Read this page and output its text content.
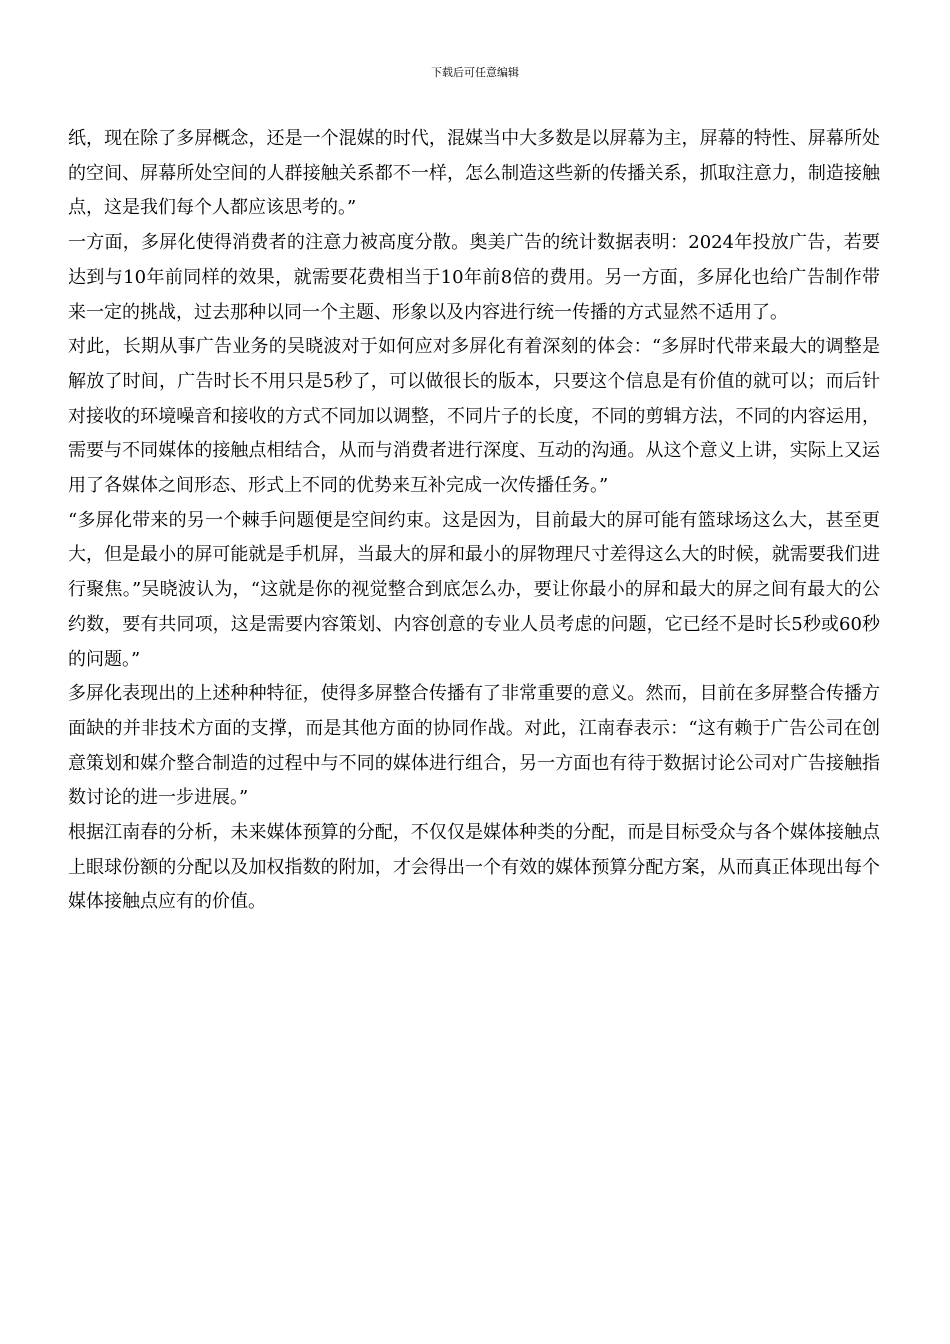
下载后可任意编辑

纸，现在除了多屏概念，还是一个混媒的时代，混媒当中大多数是以屏幕为主，屏幕的特性、屏幕所处的空间、屏幕所处空间的人群接触关系都不一样，怎么制造这些新的传播关系，抓取注意力，制造接触点，这是我们每个人都应该思考的。”

一方面，多屏化使得消费者的注意力被高度分散。奥美广告的统计数据表明：2024年投放广告，若要达到与10年前同样的效果，就需要花费相当于10年前8倍的费用。另一方面，多屏化也给广告制作带来一定的挑战，过去那种以同一个主题、形象以及内容进行统一传播的方式显然不适用了。

对此，长期从事广告业务的吴晓波对于如何应对多屏化有着深刻的体会：“多屏时代带来最大的调整是解放了时间，广告时长不用只是5秒了，可以做很长的版本，只要这个信息是有价值的就可以；而后针对接收的环境噪音和接收的方式不同加以调整，不同片子的长度，不同的剪辑方法，不同的内容运用，需要与不同媒体的接触点相结合，从而与消费者进行深度、互动的沟通。从这个意义上讲，实际上又运用了各媒体之间形态、形式上不同的优势来互补完成一次传播任务。”

“多屏化带来的另一个棘手问题便是空间约束。这是因为，目前最大的屏可能有篮球场这么大，甚至更大，但是最小的屏可能就是手机屏，当最大的屏和最小的屏物理尺寸差得这么大的时候，就需要我们进行聚焦。”吴晓波认为，“这就是你的视觉整合到底怎么办，要让你最小的屏和最大的屏之间有最大的公约数，要有共同项，这是需要内容策划、内容创意的专业人员考虑的问题，它已经不是时长5秒或60秒的问题。”

多屏化表现出的上述种种特征，使得多屏整合传播有了非常重要的意义。然而，目前在多屏整合传播方面缺的并非技术方面的支撑，而是其他方面的协同作战。对此，江南春表示：“这有赖于广告公司在创意策划和媒介整合制造的过程中与不同的媒体进行组合，另一方面也有待于数据讨论公司对广告接触指数讨论的进一步进展。”

根据江南春的分析，未来媒体预算的分配，不仅仅是媒体种类的分配，而是目标受众与各个媒体接触点上眼球份额的分配以及加权指数的附加，才会得出一个有效的媒体预算分配方案，从而真正体现出每个媒体接触点应有的价值。
